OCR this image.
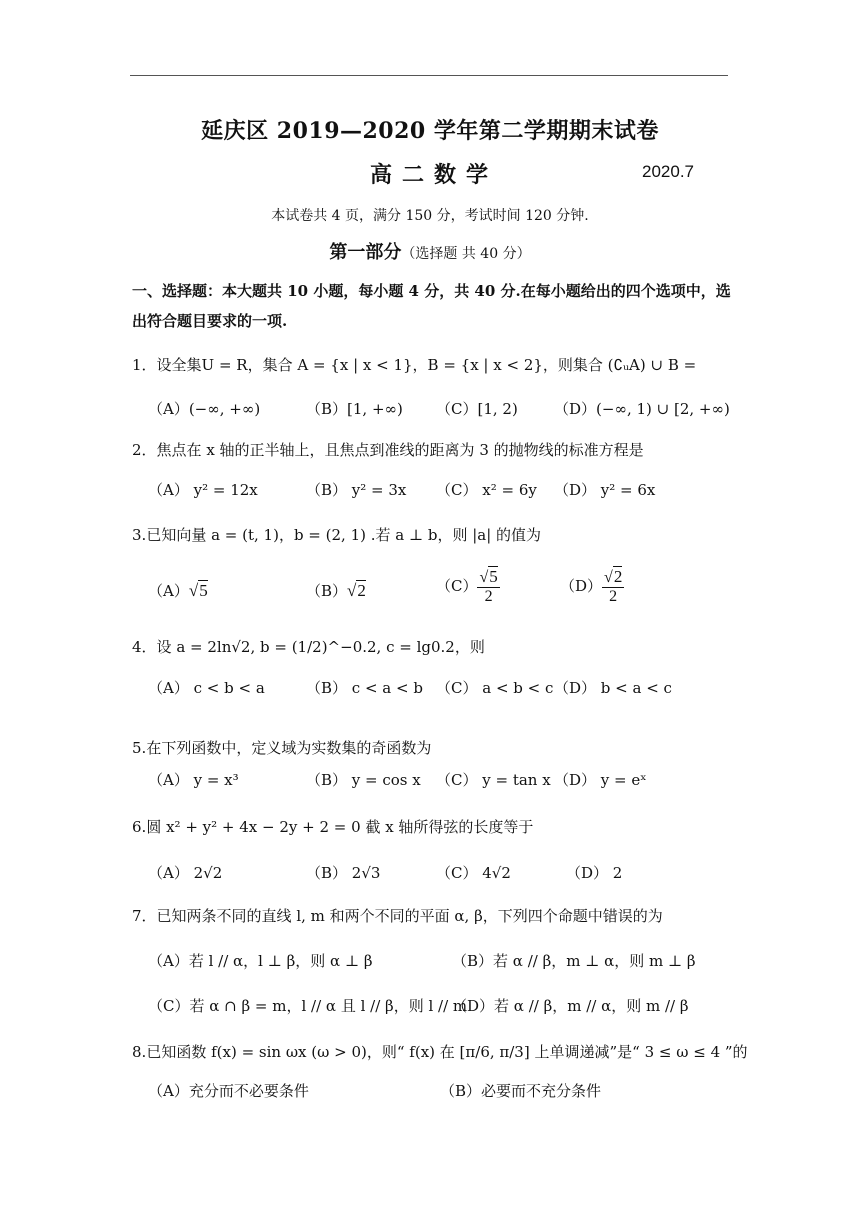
延庆区 2019—2020 学年第二学期期末试卷
高二数学	2020.7
本试卷共 4 页，满分 150 分，考试时间 120 分钟.
第一部分（选择题 共 40 分）
一、选择题：本大题共 10 小题，每小题 4 分，共 40 分.在每小题给出的四个选项中，选出符合题目要求的一项.
1．设全集U = R，集合 A = {x | x < 1}，B = {x | x < 2}，则集合 (∁ᵤA) ∪ B =
（A）(−∞, +∞)	（B）[1, +∞) （C）[1, 2) （D）(−∞, 1) ∪ [2, +∞)
2．焦点在 x 轴的正半轴上，且焦点到准线的距离为 3 的抛物线的标准方程是
（A） y² = 12x	（B） y² = 3x （C） x² = 6y （D） y² = 6x
3.已知向量 a = (t, 1)，b = (2, 1) .若 a ⊥ b，则 |a| 的值为
（A）√5	（B）√2	$(C) \frac{√5}{2}$	$(D) \frac{√2}{2}$
4．设 a = 2ln√2, b = (1/2)^−0.2, c = lg0.2，则
（A） c < b < a	（B） c < a < b （C） a < b < c （D） b < a < c
5.在下列函数中，定义域为实数集的奇函数为
（A） y = x³	（B） y = cos x （C） y = tan x （D） y = eˣ
6.圆 x² + y² + 4x − 2y + 2 = 0 截 x 轴所得弦的长度等于
（A） 2√2	（B） 2√3	（C） 4√2	（D） 2
7．已知两条不同的直线 l, m 和两个不同的平面 α, β，下列四个命题中错误的为
（A）若 l // α，l ⊥ β，则 α ⊥ β	（B）若 α // β，m ⊥ α，则 m ⊥ β
（C）若 α ∩ β = m，l // α 且 l // β，则 l // m
（D）若 α // β，m // α，则 m // β
8.已知函数 f(x) = sin ωx (ω > 0)，则“ f(x) 在 [π/6, π/3] 上单调递减”是“ 3 ≤ ω ≤ 4 ”的
（A）充分而不必要条件	（B）必要而不充分条件
